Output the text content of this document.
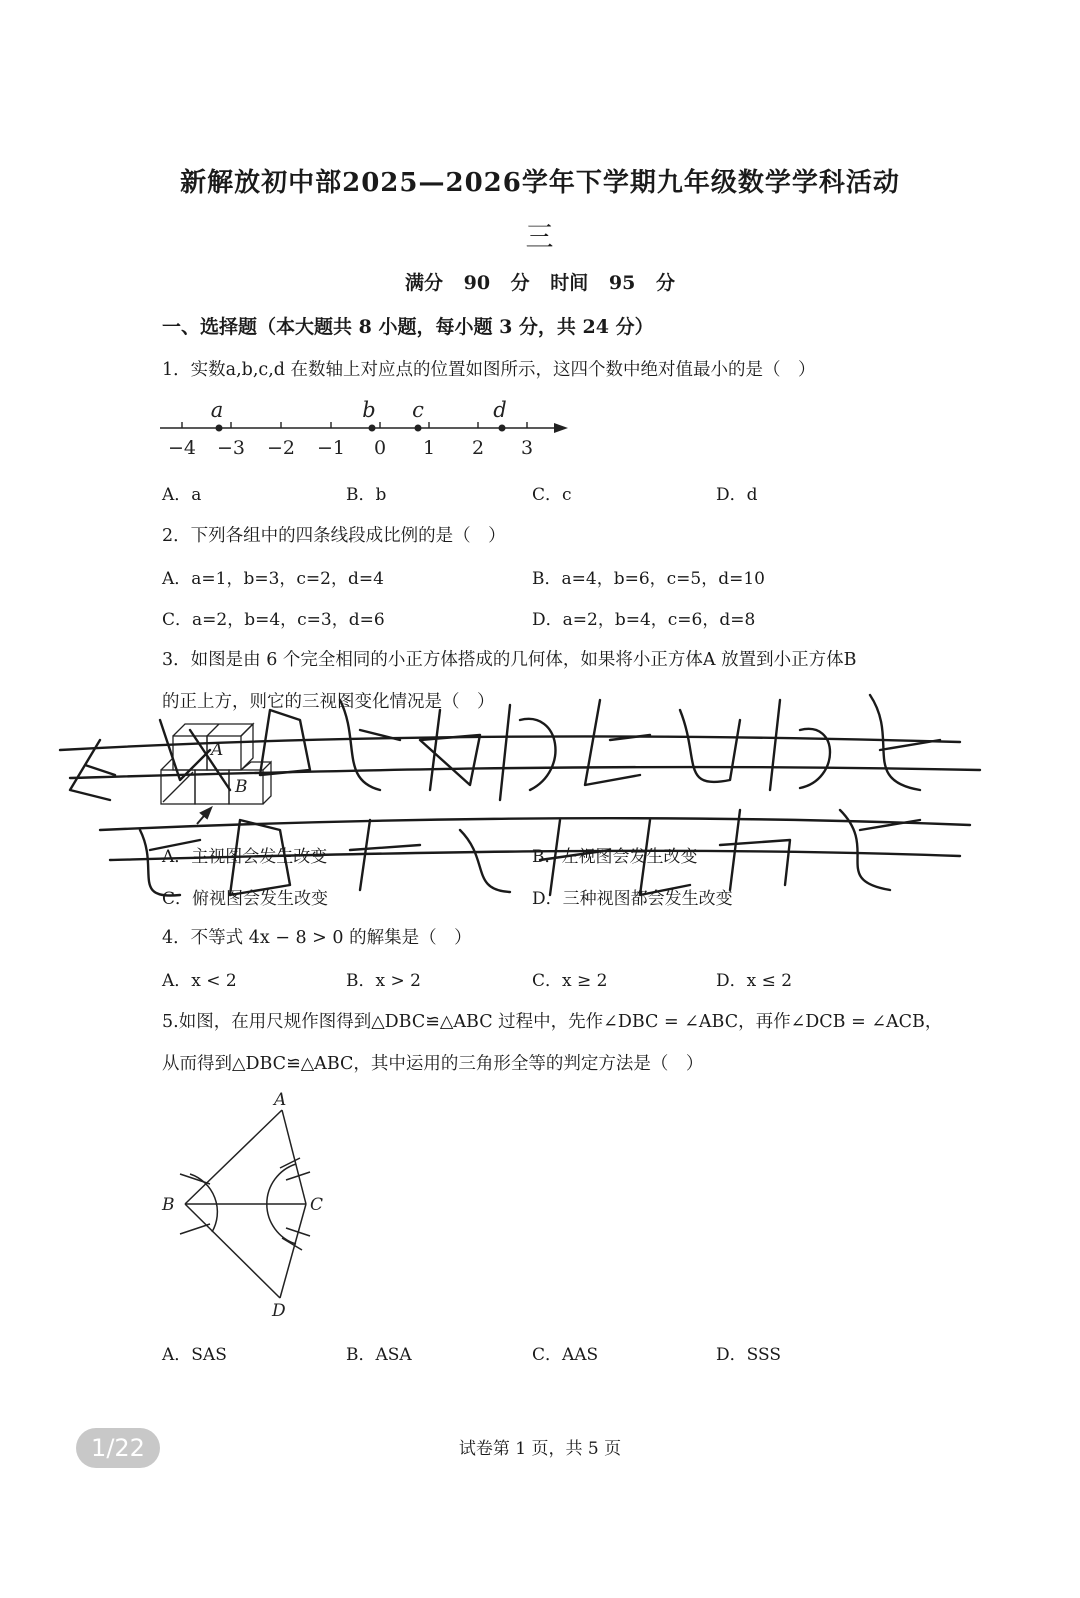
新解放初中部2025—2026学年下学期九年级数学学科活动
三
满分 90 分 时间 95 分
一、选择题（本大题共 8 小题，每小题 3 分，共 24 分）
1．实数a,b,c,d 在数轴上对应点的位置如图所示，这四个数中绝对值最小的是（　）
−4 −3 −2 −1 0 1 2 3
a	b c	d
A．a	B．b	C．c	D．d
2．下列各组中的四条线段成比例的是（　）
A．a=1，b=3，c=2，d=4	B．a=4，b=6，c=5，d=10
C．a=2，b=4，c=3，d=6	D．a=2，b=4，c=6，d=8
3．如图是由 6 个完全相同的小正方体搭成的几何体，如果将小正方体A 放置到小正方体B
的正上方，则它的三视图变化情况是（　）
A
B
A．主视图会发生改变	B．左视图会发生改变
C．俯视图会发生改变	D．三种视图都会发生改变
4．不等式 4x − 8 > 0 的解集是（　）
A．x < 2	B．x > 2	C．x ≥ 2	D．x ≤ 2
5.如图，在用尺规作图得到△DBC≌△ABC 过程中，先作∠DBC = ∠ABC，再作∠DCB = ∠ACB，
从而得到△DBC≌△ABC，其中运用的三角形全等的判定方法是（　）
A
B	C
D
A．SAS	B．ASA	C．AAS	D．SSS
试卷第 1 页，共 5 页
1/22
